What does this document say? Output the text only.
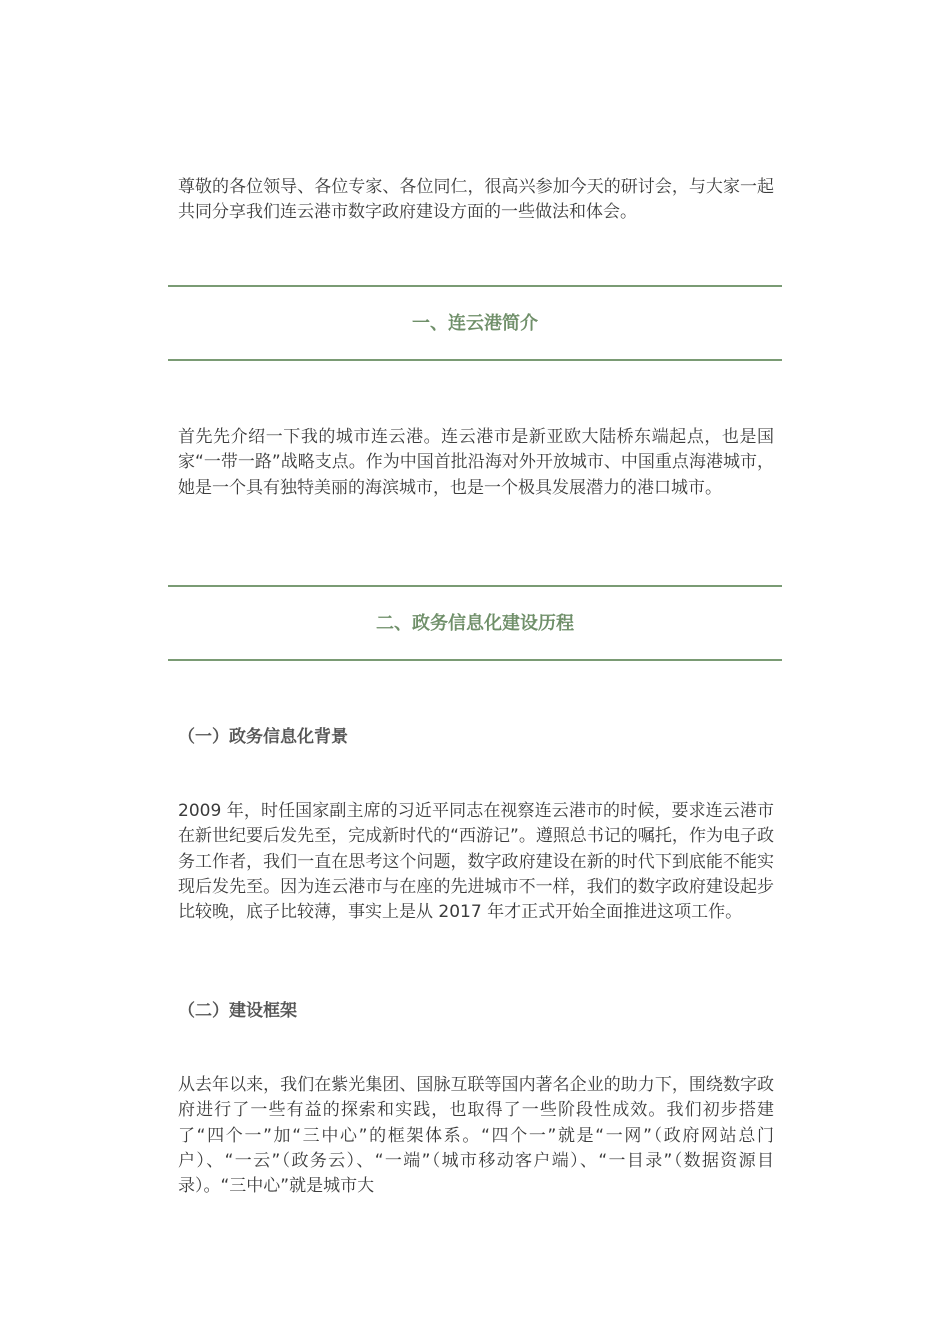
尊敬的各位领导、各位专家、各位同仁，很高兴参加今天的研讨会，与大家一起共同分享我们连云港市数字政府建设方面的一些做法和体会。

一、连云港简介

首先先介绍一下我的城市连云港。连云港市是新亚欧大陆桥东端起点，也是国家“一带一路”战略支点。作为中国首批沿海对外开放城市、中国重点海港城市，她是一个具有独特美丽的海滨城市，也是一个极具发展潜力的港口城市。

二、政务信息化建设历程
（一）政务信息化背景

2009 年，时任国家副主席的习近平同志在视察连云港市的时候，要求连云港市在新世纪要后发先至，完成新时代的“西游记”。遵照总书记的嘱托，作为电子政务工作者，我们一直在思考这个问题，数字政府建设在新的时代下到底能不能实现后发先至。因为连云港市与在座的先进城市不一样，我们的数字政府建设起步比较晚，底子比较薄，事实上是从 2017 年才正式开始全面推进这项工作。

（二）建设框架

从去年以来，我们在紫光集团、国脉互联等国内著名企业的助力下，围绕数字政府进行了一些有益的探索和实践，也取得了一些阶段性成效。我们初步搭建了“四个一”加“三中心”的框架体系。“四个一”就是“一网”（政府网站总门户）、“一云”（政务云）、“一端”（城市移动客户端）、“一目录”（数据资源目录）。“三中心”就是城市大
